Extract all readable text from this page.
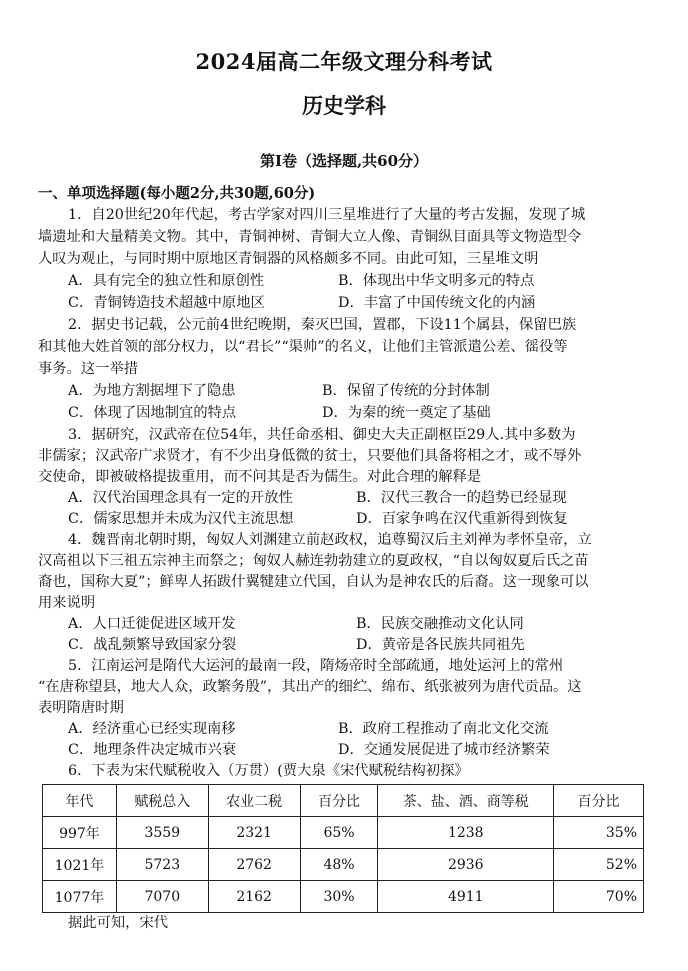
2024届高二年级文理分科考试
历史学科
第Ⅰ卷（选择题,共60分）
一、单项选择题(每小题2分,共30题,60分)
1．自20世纪20年代起，考古学家对四川三星堆进行了大量的考古发掘，发现了城
墙遗址和大量精美文物。其中，青铜神树、青铜大立人像、青铜纵目面具等文物造型令
人叹为观止，与同时期中原地区青铜器的风格颇多不同。由此可知，三星堆文明
A．具有完全的独立性和原创性	B．体现出中华文明多元的特点
C．青铜铸造技术超越中原地区	D．丰富了中国传统文化的内涵
2．据史书记载，公元前4世纪晚期，秦灭巴国，置郡，下设11个属县，保留巴族
和其他大姓首领的部分权力，以“君长”“渠帅”的名义，让他们主管派遣公差、徭役等
事务。这一举措
A．为地方割据埋下了隐患	B．保留了传统的分封体制
C．体现了因地制宜的特点	D．为秦的统一奠定了基础
3．据研究，汉武帝在位54年，共任命丞相、御史大夫正副枢臣29人.其中多数为
非儒家；汉武帝广求贤才，有不少出身低微的贫士，只要他们具备将相之才，或不辱外
交使命，即被破格提拔重用，而不问其是否为儒生。对此合理的解释是
A．汉代治国理念具有一定的开放性	B．汉代三教合一的趋势已经显现
C．儒家思想并未成为汉代主流思想	D．百家争鸣在汉代重新得到恢复
4．魏晋南北朝时期，匈奴人刘渊建立前赵政权，追尊蜀汉后主刘禅为孝怀皇帝，立
汉高祖以下三祖五宗神主而祭之；匈奴人赫连勃勃建立的夏政权，“自以匈奴夏后氏之苗
裔也，国称大夏”；鲜卑人拓跋什翼犍建立代国，自认为是神农氏的后裔。这一现象可以
用来说明
A．人口迁徙促进区域开发	B．民族交融推动文化认同
C．战乱频繁导致国家分裂	D．黄帝是各民族共同祖先
5．江南运河是隋代大运河的最南一段，隋炀帝时全部疏通，地处运河上的常州
“在唐称望县，地大人众，政繁务殷”，其出产的细纻、绵布、纸张被列为唐代贡品。这
表明隋唐时期
A．经济重心已经实现南移	B．政府工程推动了南北文化交流
C．地理条件决定城市兴衰	D．交通发展促进了城市经济繁荣
6．下表为宋代赋税收入（万贯）(贾大泉《宋代赋税结构初探》
年代	赋税总入	农业二税	百分比	茶、盐、酒、商等税	百分比
997年	3559	2321	65%	1238	35%
1021年	5723	2762	48%	2936	52%
1077年	7070	2162	30%	4911	70%
据此可知，宋代
